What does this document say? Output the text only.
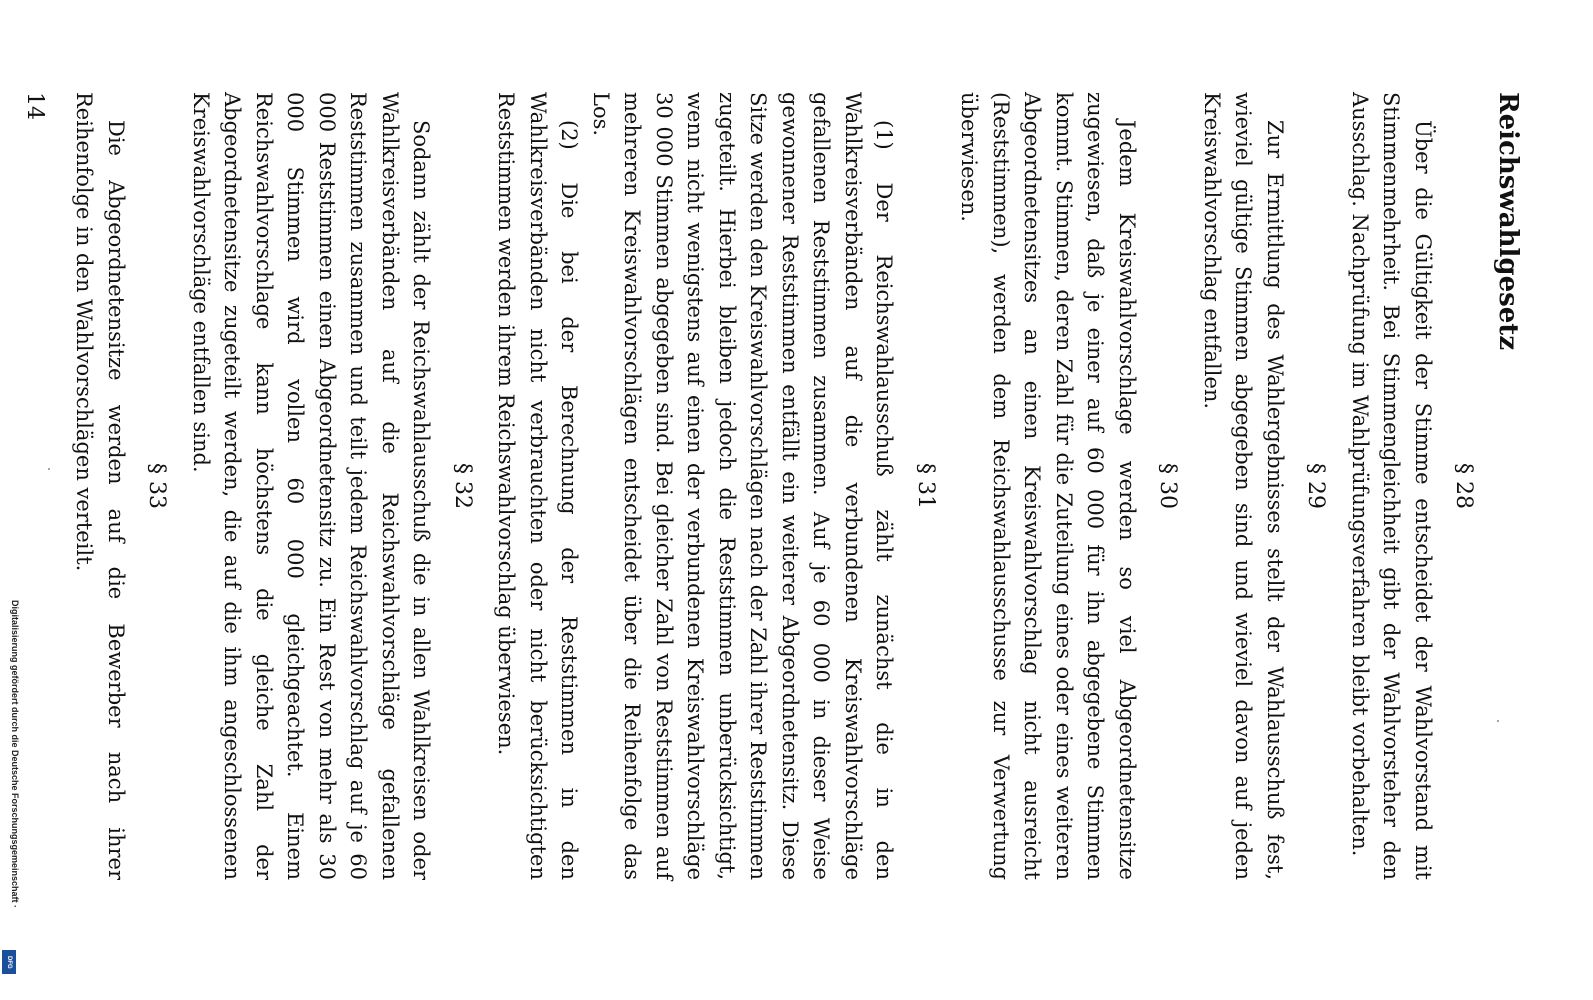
Reichswahlgesetz
§ 28

Über die Gültigkeit der Stimme entscheidet der Wahlvorstand mit Stimmenmehrheit. Bei Stimmengleichheit gibt der Wahlvorsteher den Ausschlag. Nachprüfung im Wahlprüfungsverfahren bleibt vorbehalten.

§ 29

Zur Ermittlung des Wahlergebnisses stellt der Wahlausschuß fest, wieviel gültige Stimmen abgegeben sind und wieviel davon auf jeden Kreiswahlvorschlag entfallen.

§ 30

Jedem Kreiswahlvorschlage werden so viel Abgeordnetensitze zugewiesen, daß je einer auf 60 000 für ihn abgegebene Stimmen kommt. Stimmen, deren Zahl für die Zuteilung eines oder eines weiteren Abgeordnetensitzes an einen Kreiswahlvorschlag nicht ausreicht (Reststimmen), werden dem Reichswahlausschusse zur Verwertung überwiesen.

§ 31

(1) Der Reichswahlausschuß zählt zunächst die in den Wahlkreisverbänden auf die verbundenen Kreiswahlvorschläge gefallenen Reststimmen zusammen. Auf je 60 000 in dieser Weise gewonnener Reststimmen entfällt ein weiterer Abgeordnetensitz. Diese Sitze werden den Kreiswahlvorschlägen nach der Zahl ihrer Reststimmen zugeteilt. Hierbei bleiben jedoch die Reststimmen unberücksichtigt, wenn nicht wenigstens auf einen der verbundenen Kreiswahlvorschläge 30 000 Stimmen abgegeben sind. Bei gleicher Zahl von Reststimmen auf mehreren Kreiswahlvorschlägen entscheidet über die Reihenfolge das Los.

(2) Die bei der Berechnung der Reststimmen in den Wahlkreisverbänden nicht verbrauchten oder nicht berücksichtigten Reststimmen werden ihrem Reichswahlvorschlag überwiesen.

§ 32

Sodann zählt der Reichswahlausschuß die in allen Wahlkreisen oder Wahlkreisverbänden auf die Reichswahlvorschläge gefallenen Reststimmen zusammen und teilt jedem Reichswahlvorschlag auf je 60 000 Reststimmen einen Abgeordnetensitz zu. Ein Rest von mehr als 30 000 Stimmen wird vollen 60 000 gleichgeachtet. Einem Reichswahlvorschlage kann höchstens die gleiche Zahl der Abgeordnetensitze zugeteilt werden, die auf die ihm angeschlossenen Kreiswahlvorschläge entfallen sind.

§ 33

Die Abgeordnetensitze werden auf die Bewerber nach ihrer Reihenfolge in den Wahlvorschlägen verteilt.

14
Digitalisierung gefördert durch die Deutsche Forschungsgemeinschaft ·
DFG
